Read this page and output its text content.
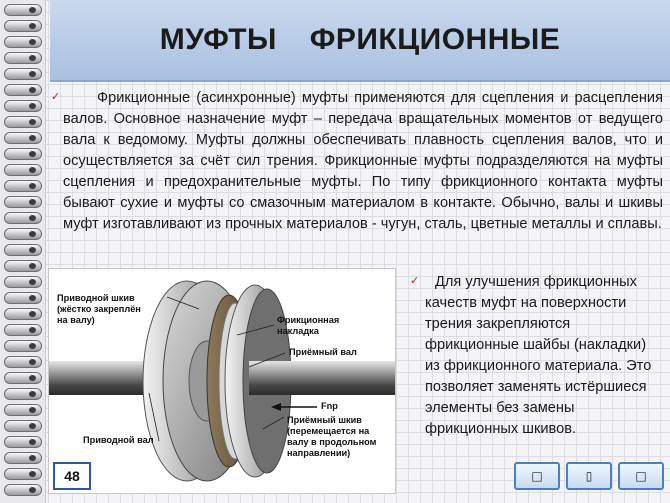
МУФТЫ ФРИКЦИОННЫЕ
✓	Фрикционные (асинхронные) муфты применяются для сцепления и расцепления валов. Основное назначение муфт – передача вращательных моментов от ведущего вала к ведомому. Муфты должны обеспечивать плавность сцепления валов, что и осуществляется за счёт сил трения. Фрикционные муфты подразделяются на муфты сцепления и предохранительные муфты. По типу фрикционного контакта муфты бывают сухие и муфты со смазочным материалом в контакте. Обычно, валы и шкивы муфт изготавливают из прочных материалов - чугун, сталь, цветные металлы и сплавы.

Приводной шкив
(жёстко закреплён
на валу)	Фрикционная
накладка
Приёмный вал
Fnp
Приёмный шкив
(перемещается на
валу в продольном
направлении)
Приводной вал
✓	Для улучшения фрикционных качеств муфт на поверхности трения закрепляются фрикционные шайбы (накладки) из фрикционного материала. Это позволяет заменять истёршиеся элементы без замены фрикционных шкивов.

48	□	▯	□
